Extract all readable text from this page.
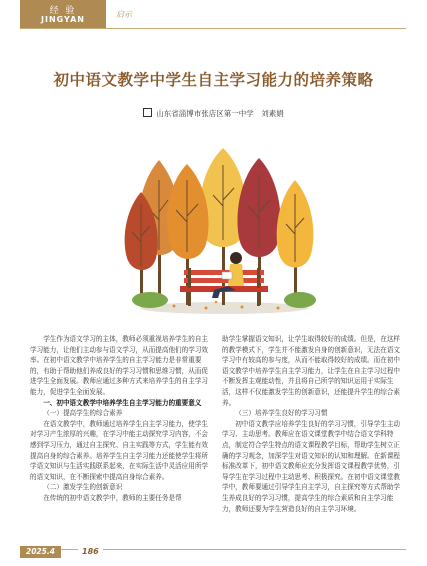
经 验
JINGYAN
启示
初中语文教学中学生自主学习能力的培养策略
山东省淄博市张店区第一中学　刘素娟

学生作为语文学习的主体，教师必须重视培养学生的自主学习能力，让他们主动参与语文学习，从而提高他们的学习效率。在初中语文教学中培养学生的自主学习能力是非常重要的，有助于帮助他们养成良好的学习习惯和思维习惯，从而促进学生全面发展。教师应通过多种方式来培养学生的自主学习能力，促进学生全面发展。

一、初中语文教学中培养学生自主学习能力的重要意义

（一）提高学生的综合素养

在语文教学中，教师通过培养学生自主学习能力，使学生对学习产生浓厚的兴趣，在学习中能主动探究学习内容，不会感到学习压力，通过自主探究、自主实践等方式，学生能有效提高自身的综合素养。培养学生自主学习能力还能使学生将所学语文知识与生活实践联系起来，在实际生活中灵活应用所学的语文知识，在不断探索中提高自身综合素养。

（二）激发学生的创新意识

在传统的初中语文教学中，教师的主要任务是帮

助学生掌握语文知识，让学生取得较好的成绩。但是，在这样的教学模式下，学生并不能激发自身的创新意识，无法在语文学习中有较高的参与度，从而不能取得较好的成绩。而在初中语文教学中培养学生自主学习能力，让学生在自主学习过程中不断发挥主观能动性，并且将自己所学的知识运用于实际生活，这样不仅能激发学生的创新意识，还能提升学生的综合素养。

（三）培养学生良好的学习习惯

初中语文教学应培养学生良好的学习习惯，引导学生主动学习、主动思考。教师应在语文课堂教学中结合语文学科特点，制定符合学生特点的语文课程教学目标，帮助学生树立正确的学习观念，加深学生对语文知识的认知和理解。在新课程标准改革下，初中语文教师应充分发挥语文课程教学优势，引导学生在学习过程中主动思考、积极探究。在初中语文课堂教学中，教师要通过引导学生自主学习，自主探究等方式帮助学生养成良好的学习习惯，提高学生的综合素质和自主学习能力，教师还要为学生营造良好的自主学习环境。

2025.4	186
